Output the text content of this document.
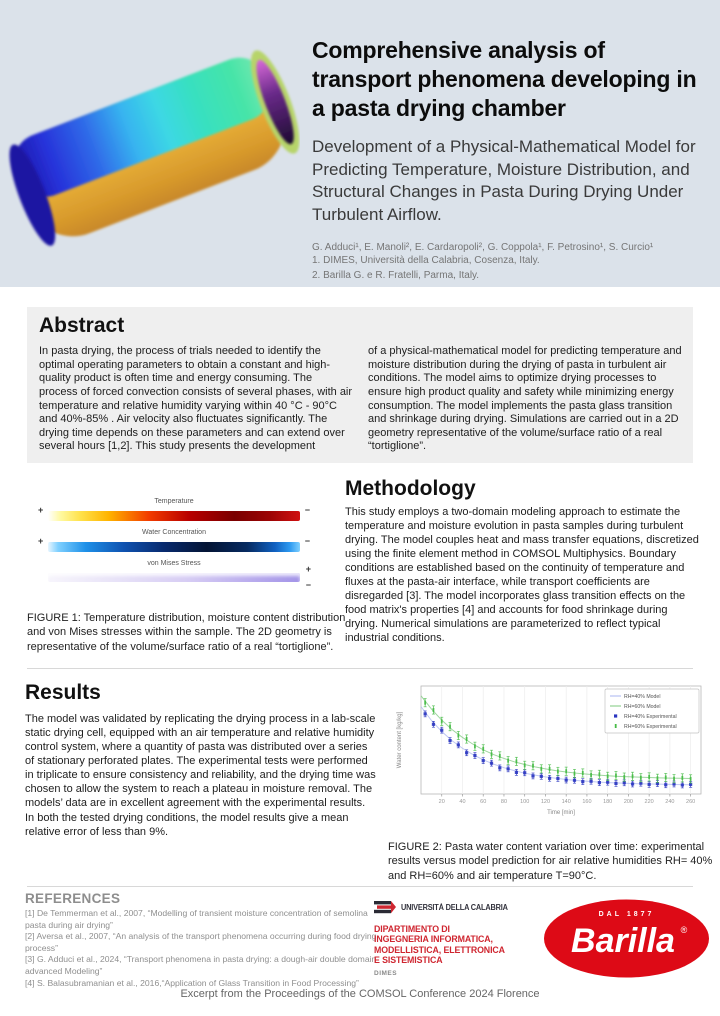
Comprehensive analysis of transport phenomena developing in a pasta drying chamber
Development of a Physical-Mathematical Model for Predicting Temperature, Moisture Distribution, and Structural Changes in Pasta During Drying Under Turbulent Airflow.
G. Adduci¹, E. Manoli², E. Cardaropoli², G. Coppola¹, F. Petrosino¹, S. Curcio¹
1. DIMES, Università della Calabria, Cosenza, Italy.
2. Barilla G. e R. Fratelli, Parma, Italy.
Abstract
In pasta drying, the process of trials needed to identify the optimal operating parameters to obtain a constant and high-quality product is often time and energy consuming. The process of forced convection consists of several phases, with air temperature and relative humidity varying within 40 °C - 90°C and 40%-85% . Air velocity also fluctuates significantly. The drying time depends on these parameters and can extend over several hours [1,2]. This study presents the development
of a physical-mathematical model for predicting temperature and moisture distribution during the drying of pasta in turbulent air conditions. The model aims to optimize drying processes to ensure high product quality and safety while minimizing energy consumption. The model implements the pasta glass transition and shrinkage during drying. Simulations are carried out in a 2D geometry representative of the volume/surface ratio of a real “tortiglione”.
Temperature
+	−
Water Concentration
+	−
von Mises Stress
+
−
FIGURE 1: Temperature distribution, moisture content distribution and von Mises stresses within the sample. The 2D geometry is representative of the volume/surface ratio of a real “tortiglione”.
Methodology
This study employs a two-domain modeling approach to estimate the temperature and moisture evolution in pasta samples during turbulent drying. The model couples heat and mass transfer equations, discretized using the finite element method in COMSOL Multiphysics. Boundary conditions are established based on the continuity of temperature and fluxes at the pasta-air interface, while transport coefficients are disregarded [3]. The model incorporates glass transition effects on the food matrix's properties [4] and accounts for food shrinkage during drying. Numerical simulations are parameterized to reflect typical industrial conditions.
Results
The model was validated by replicating the drying process in a lab-scale static drying cell, equipped with an air temperature and relative humidity control system, where a quantity of pasta was distributed over a series of stationary perforated plates. The experimental tests were performed in triplicate to ensure consistency and reliability, and the drying time was chosen to allow the system to reach a plateau in moisture removal. The models’ data are in excellent agreement with the experimental results. In both the tested drying conditions, the model results give a mean relative error of less than 9%.
20	40	60	80 100 120 140 160 180 200 220 240 260
Time [min]
Water content [kg/kg]
RH=40% Model
RH=60% Model
RH=40% Experimental
RH=60% Experimental
FIGURE 2: Pasta water content variation over time: experimental results versus model prediction for air relative humidities RH= 40% and RH=60% and air temperature T=90°C.
REFERENCES
[1] De Temmerman et al., 2007, “Modelling of transient moisture concentration of semolina pasta during air drying”
[2] Aversa et al., 2007, “An analysis of the transport phenomena occurring during food drying process”
[3] G. Adduci et al., 2024, “Transport phenomena in pasta drying: a dough-air double domain advanced Modeling”
[4] S. Balasubramanian et al., 2016,“Application of Glass Transition in Food Processing”
UNIVERSITÀ DELLA CALABRIA
DIPARTIMENTO DI
INGEGNERIA INFORMATICA,
MODELLISTICA, ELETTRONICA
E SISTEMISTICA
DIMES
DAL 1877
Barilla ®
Excerpt from the Proceedings of the COMSOL Conference 2024 Florence
